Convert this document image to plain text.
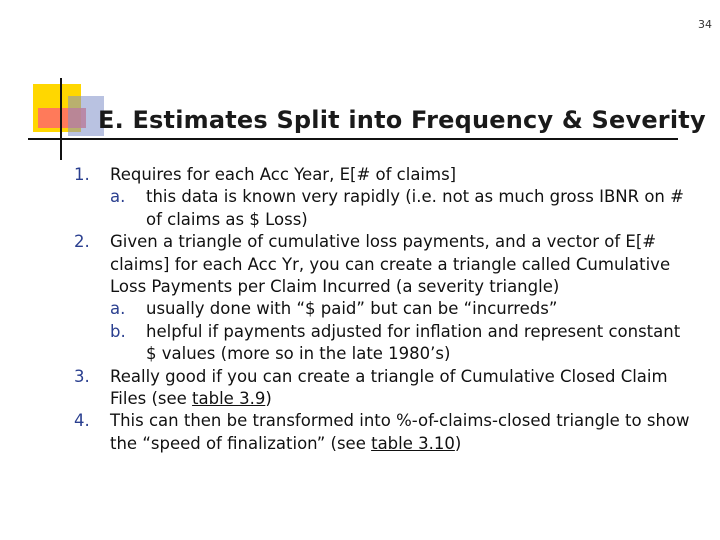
34
E. Estimates Split into Frequency & Severity
1. Requires for each Acc Year, E[# of claims]
a. this data is known very rapidly (i.e. not as much gross IBNR on # of claims as $ Loss)
2. Given a triangle of cumulative loss payments, and a vector of E[# claims] for each Acc Yr, you can create a triangle called Cumulative Loss Payments per Claim Incurred (a severity triangle)
a. usually done with “$ paid” but can be “incurreds”
b. helpful if payments adjusted for inflation and represent constant $ values (more so in the late 1980’s)
3. Really good if you can create a triangle of Cumulative Closed Claim Files (see table 3.9)
4. This can then be transformed into %-of-claims-closed triangle to show the “speed of finalization” (see table 3.10)
